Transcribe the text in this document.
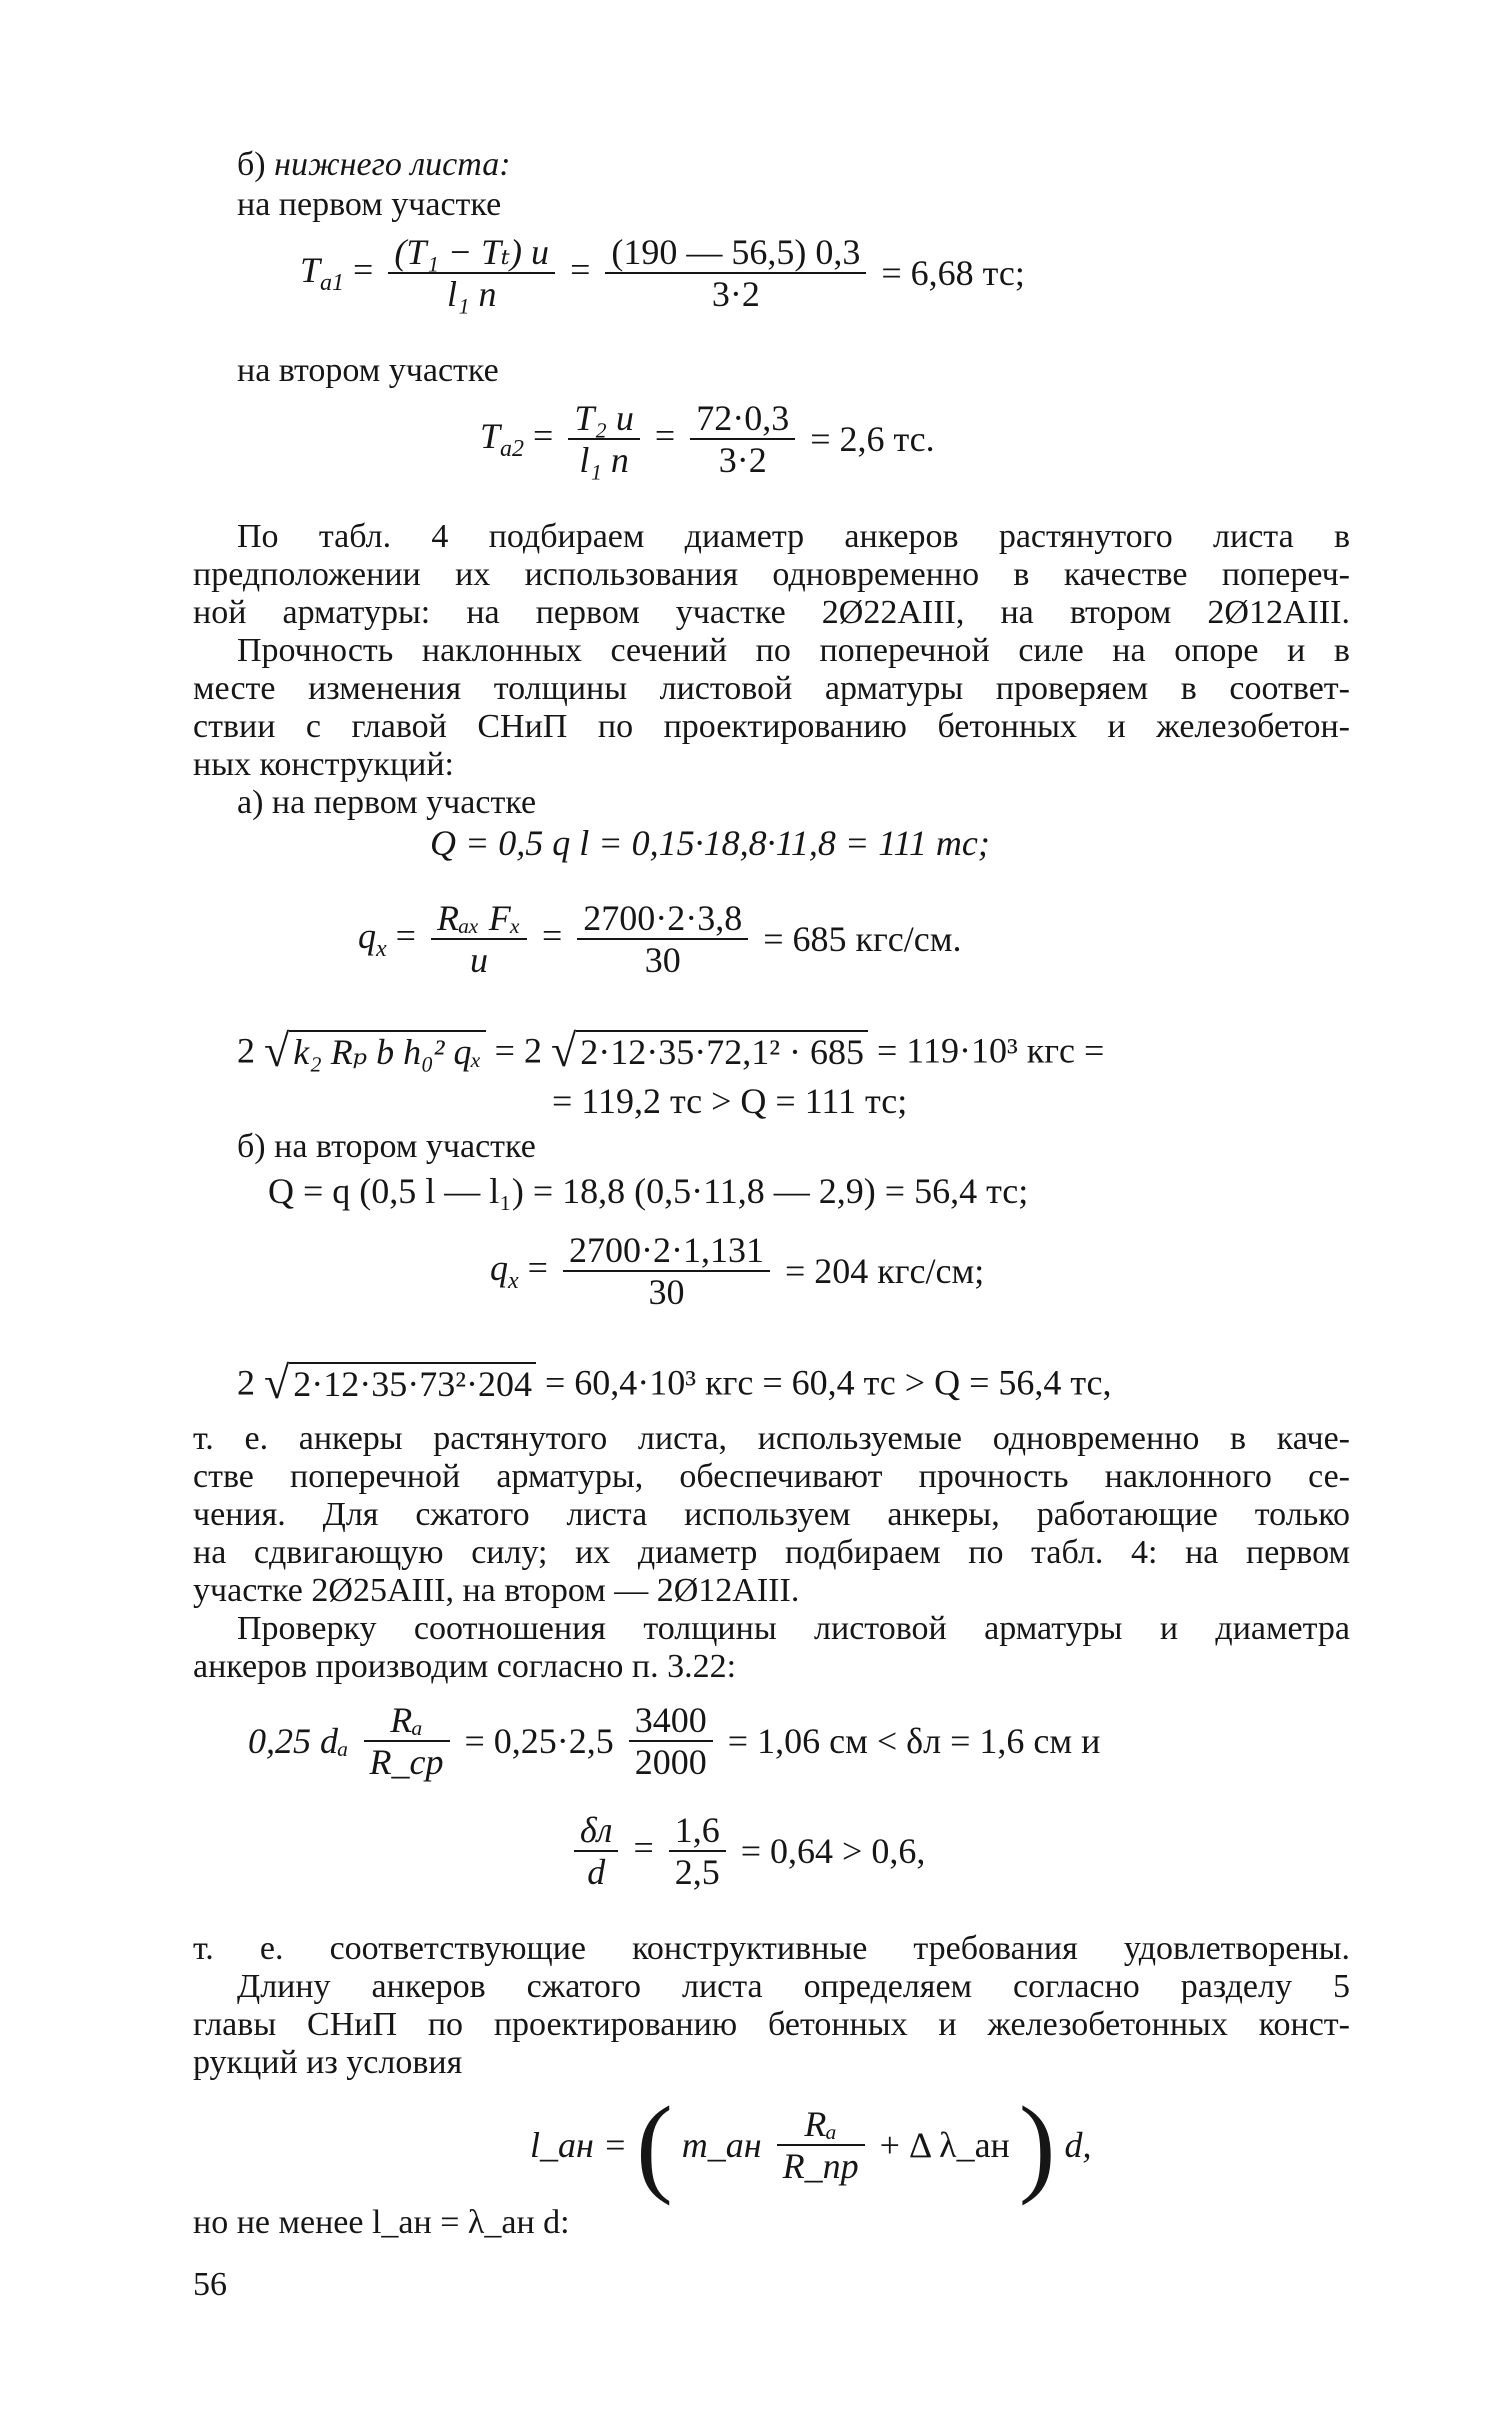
б) нижнего листа:
на первом участке
$T_{a1} = \frac{\text{(T₁ − Tₜ) u}}{\text{l₁ n}} = \frac{(190 — 56,5) 0,3}{3\cdot 2} = 6,68$ тс;
на втором участке
$T_{a2} = \frac{\text{T₂ u}}{\text{l₁ n}} = \frac{72\cdot 0,3}{3\cdot 2} = 2,6$ тс.
По табл. 4 подбираем диаметр анкеров растянутого листа в
предположении их использования одновременно в качестве попереч-
ной арматуры: на первом участке 2Ø22AIII, на втором 2Ø12AIII.
Прочность наклонных сечений по поперечной силе на опоре и в
месте изменения толщины листовой арматуры проверяем в соответ-
ствии с главой СНиП по проектированию бетонных и железобетон-
ных конструкций:
а) на первом участке
Q = 0,5 q l = 0,15·18,8·11,8 = 111 тс;
$q_x = \frac{\text{Rₐₓ Fₓ}}{u} = \frac{2700\cdot 2\cdot 3,8}{30} = 685$ кгс/см.
2 √ k₂ Rₚ b h₀² qₓ = 2 √ 2·12·35·72,1² · 685 = 119·10³ кгс =
= 119,2 тс > Q = 111 тс;
б) на втором участке
Q = q (0,5 l — l₁) = 18,8 (0,5·11,8 — 2,9) = 56,4 тс;
$q_x = \frac{2700\cdot 2\cdot 1,131}{30} = 204$ кгс/см;
2 √ 2·12·35·73²·204 = 60,4·10³ кгс = 60,4 тс > Q = 56,4 тс,
т. е. анкеры растянутого листа, используемые одновременно в каче-
стве поперечной арматуры, обеспечивают прочность наклонного се-
чения. Для сжатого листа используем анкеры, работающие только
на сдвигающую силу; их диаметр подбираем по табл. 4: на первом
участке 2Ø25AIII, на втором — 2Ø12AIII.
Проверку соотношения толщины листовой арматуры и диаметра
анкеров производим согласно п. 3.22:
0,25 dₐ $\frac{\text{Rₐ}}{R\_ср} = 0,25\cdot 2,5 \frac{3400}{2000} = 1,06$ см < δл = 1,6 см и
$\frac{\delta л}{d} = \frac{1,6}{2,5} = 0,64 > 0,6$,
т. е. соответствующие конструктивные требования удовлетворены.
Длину анкеров сжатого листа определяем согласно разделу 5
главы СНиП по проектированию бетонных и железобетонных конст-
рукций из условия
l_ан = ( m_ан $\frac{\text{Rₐ}}{R\_пр} + \Delta$ λ_ан ) d,
но не менее l_ан = λ_ан d:
56
